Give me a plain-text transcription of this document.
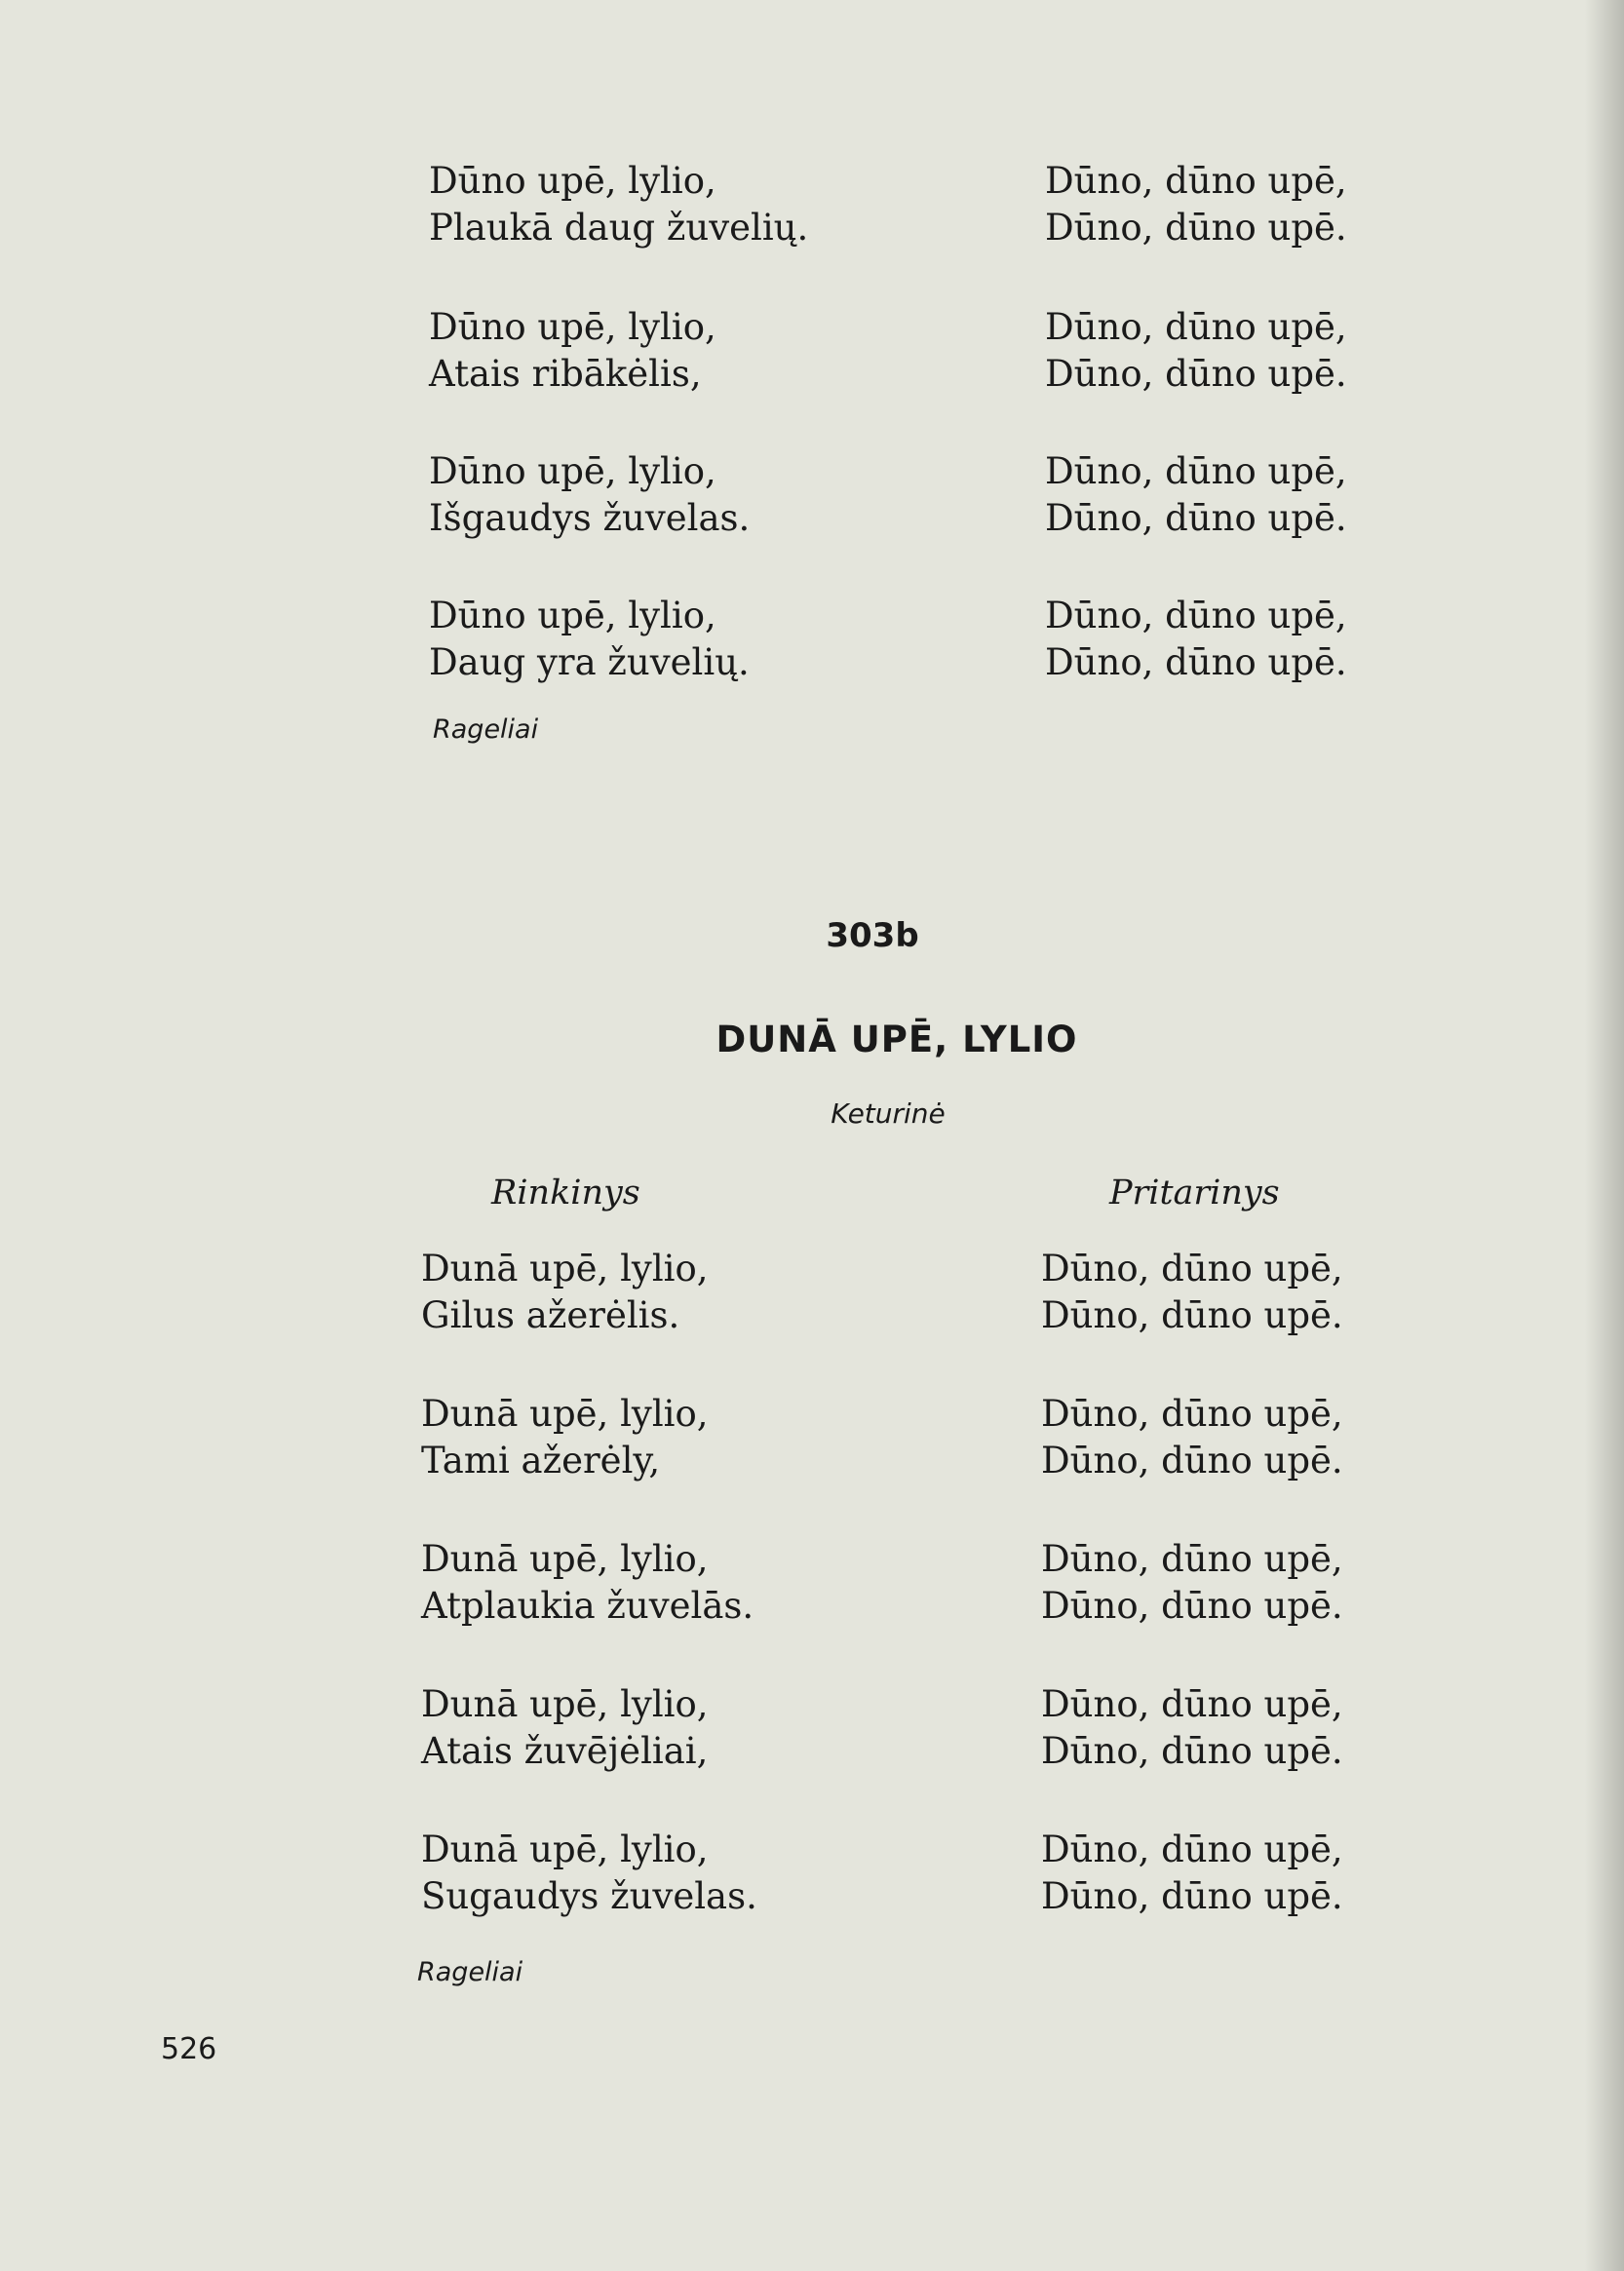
Dūno upē, lylio,

Plaukā daug žuvelių.

Dūno, dūno upē,

Dūno, dūno upē.

Dūno upē, lylio,

Atais ribākėlis,

Dūno, dūno upē,

Dūno, dūno upē.

Dūno upē, lylio,

Išgaudys žuvelas.

Dūno, dūno upē,

Dūno, dūno upē.

Dūno upē, lylio,

Daug yra žuvelių.

Dūno, dūno upē,

Dūno, dūno upē.

Rageliai

303b

DUNĀ UPĒ, LYLIO

Keturinė

Rinkinys	Pritarinys

Dunā upē, lylio,

Gilus ažerėlis.

Dūno, dūno upē,

Dūno, dūno upē.

Dunā upē, lylio,

Tami ažerėly,

Dūno, dūno upē,

Dūno, dūno upē.

Dunā upē, lylio,

Atplaukia žuvelās.

Dūno, dūno upē,

Dūno, dūno upē.

Dunā upē, lylio,

Atais žuvējėliai,

Dūno, dūno upē,

Dūno, dūno upē.

Dunā upē, lylio,

Sugaudys žuvelas.

Dūno, dūno upē,

Dūno, dūno upē.

Rageliai

526
